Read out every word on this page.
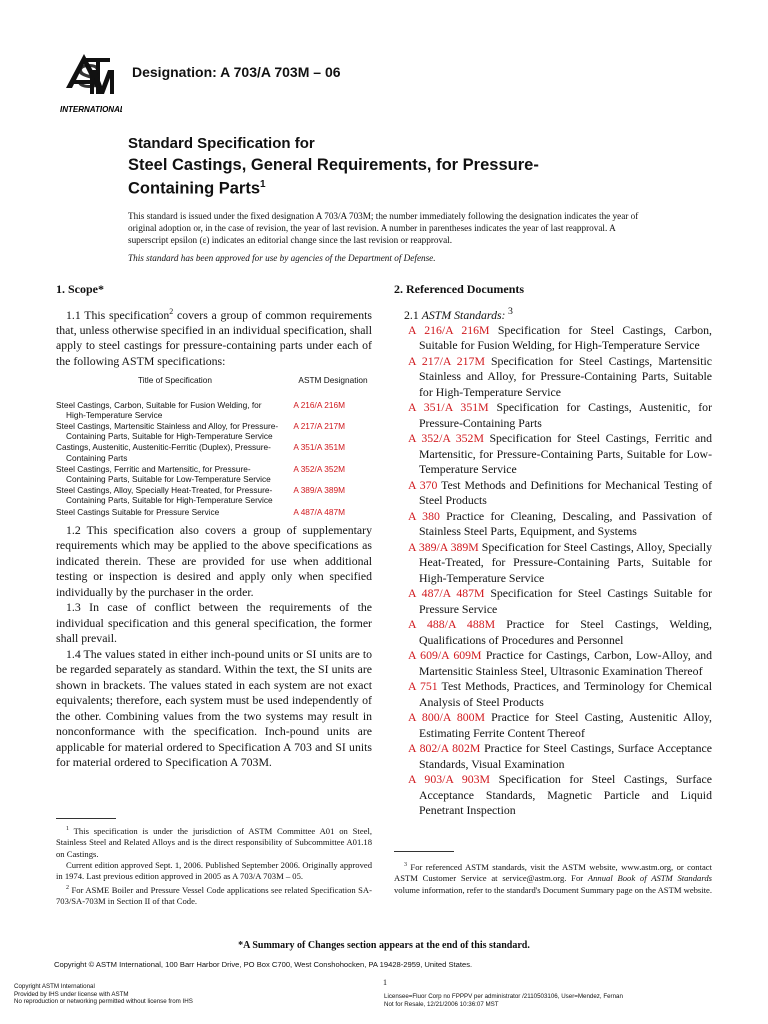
INTERNATIONAL
Designation: A 703/A 703M – 06
Standard Specification for
Steel Castings, General Requirements, for Pressure-
Containing Parts$^1$
This standard is issued under the fixed designation A 703/A 703M; the number immediately following the designation indicates the year of original adoption or, in the case of revision, the year of last revision. A number in parentheses indicates the year of last reapproval. A superscript epsilon (ε) indicates an editorial change since the last revision or reapproval.
This standard has been approved for use by agencies of the Department of Defense.
1. Scope*

1.1 This specification$^2$ covers a group of common requirements that, unless otherwise specified in an individual specification, shall apply to steel castings for pressure-containing parts under each of the following ASTM specifications:

Title of Specification	ASTM Designation
Steel Castings, Carbon, Suitable for Fusion Welding, for High-Temperature Service
A 216/A 216M
Steel Castings, Martensitic Stainless and Alloy, for Pressure-Containing Parts, Suitable for High-Temperature Service
A 217/A 217M
Castings, Austenitic, Austenitic-Ferritic (Duplex), Pressure-Containing Parts
A 351/A 351M
Steel Castings, Ferritic and Martensitic, for Pressure-Containing Parts, Suitable for Low-Temperature Service
A 352/A 352M
Steel Castings, Alloy, Specially Heat-Treated, for Pressure-Containing Parts, Suitable for High-Temperature Service
A 389/A 389M
Steel Castings Suitable for Pressure Service	A 487/A 487M

1.2 This specification also covers a group of supplementary requirements which may be applied to the above specifications as indicated therein. These are provided for use when additional testing or inspection is desired and apply only when specified individually by the purchaser in the order.

1.3 In case of conflict between the requirements of the individual specification and this general specification, the former shall prevail.

1.4 The values stated in either inch-pound units or SI units are to be regarded separately as standard. Within the text, the SI units are shown in brackets. The values stated in each system are not exact equivalents; therefore, each system must be used independently of the other. Combining values from the two systems may result in nonconformance with the specification. Inch-pound units are applicable for material ordered to Specification A 703 and SI units for material ordered to Specification A 703M.

2. Referenced Documents
2.1 ASTM Standards: $^3$
A 216/A 216M Specification for Steel Castings, Carbon, Suitable for Fusion Welding, for High-Temperature Service
A 217/A 217M Specification for Steel Castings, Martensitic Stainless and Alloy, for Pressure-Containing Parts, Suitable for High-Temperature Service
A 351/A 351M Specification for Castings, Austenitic, for Pressure-Containing Parts
A 352/A 352M Specification for Steel Castings, Ferritic and Martensitic, for Pressure-Containing Parts, Suitable for Low-Temperature Service
A 370 Test Methods and Definitions for Mechanical Testing of Steel Products
A 380 Practice for Cleaning, Descaling, and Passivation of Stainless Steel Parts, Equipment, and Systems
A 389/A 389M Specification for Steel Castings, Alloy, Specially Heat-Treated, for Pressure-Containing Parts, Suitable for High-Temperature Service
A 487/A 487M Specification for Steel Castings Suitable for Pressure Service
A 488/A 488M Practice for Steel Castings, Welding, Qualifications of Procedures and Personnel
A 609/A 609M Practice for Castings, Carbon, Low-Alloy, and Martensitic Stainless Steel, Ultrasonic Examination Thereof
A 751 Test Methods, Practices, and Terminology for Chemical Analysis of Steel Products
A 800/A 800M Practice for Steel Casting, Austenitic Alloy, Estimating Ferrite Content Thereof
A 802/A 802M Practice for Steel Castings, Surface Acceptance Standards, Visual Examination
A 903/A 903M Specification for Steel Castings, Surface Acceptance Standards, Magnetic Particle and Liquid Penetrant Inspection

$^1$ This specification is under the jurisdiction of ASTM Committee A01 on Steel, Stainless Steel and Related Alloys and is the direct responsibility of Subcommittee A01.18 on Castings.

Current edition approved Sept. 1, 2006. Published September 2006. Originally approved in 1974. Last previous edition approved in 2005 as A 703/A 703M – 05.

$^2$ For ASME Boiler and Pressure Vessel Code applications see related Specification SA-703/SA-703M in Section II of that Code.

$^3$ For referenced ASTM standards, visit the ASTM website, www.astm.org, or contact ASTM Customer Service at service@astm.org. For Annual Book of ASTM Standards volume information, refer to the standard's Document Summary page on the ASTM website.

*A Summary of Changes section appears at the end of this standard.
Copyright © ASTM International, 100 Barr Harbor Drive, PO Box C700, West Conshohocken, PA 19428-2959, United States.
1
Copyright ASTM International
Provided by IHS under license with ASTM
No reproduction or networking permitted without license from IHS
Licensee=Fluor Corp no FPPPV per administrator /2110503106, User=Mendez, Fernan
Not for Resale, 12/21/2006 10:36:07 MST
